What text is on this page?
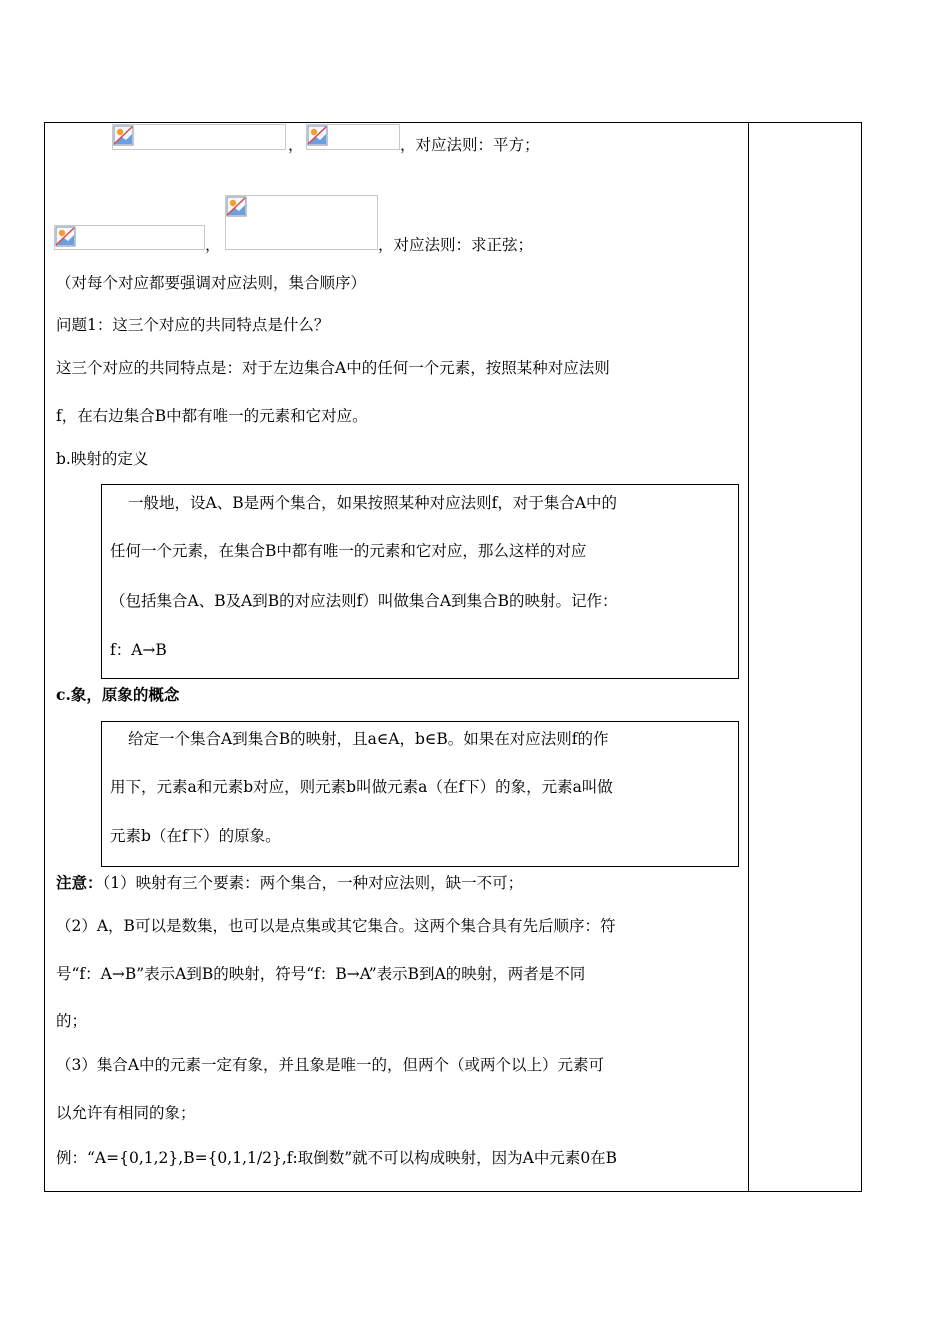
，	，对应法则：平方；
，	，对应法则：求正弦；
（对每个对应都要强调对应法则，集合顺序）
问题1：这三个对应的共同特点是什么？
这三个对应的共同特点是：对于左边集合A中的任何一个元素，按照某种对应法则
f，在右边集合B中都有唯一的元素和它对应。
b.映射的定义
一般地，设A、B是两个集合，如果按照某种对应法则f，对于集合A中的
任何一个元素，在集合B中都有唯一的元素和它对应，那么这样的对应
（包括集合A、B及A到B的对应法则f）叫做集合A到集合B的映射。记作：
f：A→B
c.象，原象的概念
给定一个集合A到集合B的映射，且a∈A，b∈B。如果在对应法则f的作
用下，元素a和元素b对应，则元素b叫做元素a（在f下）的象，元素a叫做
元素b（在f下）的原象。
注意：（1）映射有三个要素：两个集合，一种对应法则，缺一不可；
（2）A，B可以是数集，也可以是点集或其它集合。这两个集合具有先后顺序：符
号“f：A→B”表示A到B的映射，符号“f：B→A”表示B到A的映射，两者是不同
的；
（3）集合A中的元素一定有象，并且象是唯一的，但两个（或两个以上）元素可
以允许有相同的象；
例：“A={0,1,2},B={0,1,1/2},f:取倒数”就不可以构成映射，因为A中元素0在B
